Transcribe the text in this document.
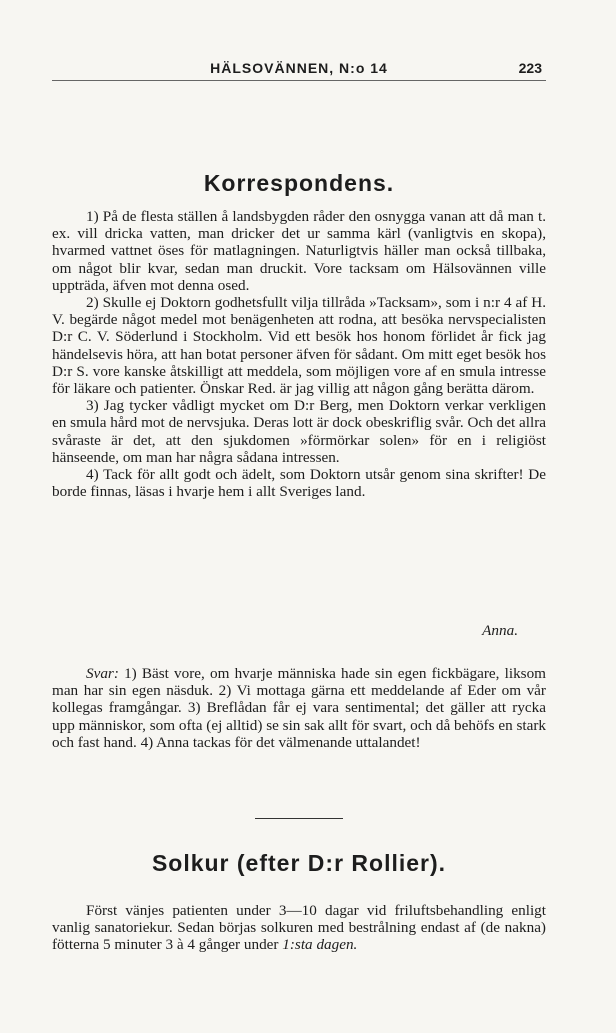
HÄLSOVÄNNEN, N:o 14	223
Korrespondens.

1) På de flesta ställen å landsbygden råder den osnygga vanan att då man t. ex. vill dricka vatten, man dricker det ur samma kärl (vanligtvis en skopa), hvarmed vattnet öses för matlagningen. Naturligtvis häller man också tillbaka, om något blir kvar, sedan man druckit. Vore tacksam om Hälsovännen ville uppträda, äfven mot denna osed.

2) Skulle ej Doktorn godhetsfullt vilja tillråda »Tacksam», som i n:r 4 af H. V. begärde något medel mot benägenheten att rodna, att besöka nervspecialisten D:r C. V. Söderlund i Stockholm. Vid ett besök hos honom förlidet år fick jag händelsevis höra, att han botat personer äfven för sådant. Om mitt eget besök hos D:r S. vore kanske åtskilligt att meddela, som möjligen vore af en smula intresse för läkare och patienter. Önskar Red. är jag villig att någon gång berätta därom.

3) Jag tycker vådligt mycket om D:r Berg, men Doktorn verkar verkligen en smula hård mot de nervsjuka. Deras lott är dock obeskriflig svår. Och det allra svåraste är det, att den sjukdomen »förmörkar solen» för en i religiöst hänseende, om man har några sådana intressen.

4) Tack för allt godt och ädelt, som Doktorn utsår genom sina skrifter! De borde finnas, läsas i hvarje hem i allt Sveriges land.

Anna.

Svar: 1) Bäst vore, om hvarje människa hade sin egen fickbägare, liksom man har sin egen näsduk. 2) Vi mottaga gärna ett meddelande af Eder om vår kollegas framgångar. 3) Breflådan får ej vara sentimental; det gäller att rycka upp människor, som ofta (ej alltid) se sin sak allt för svart, och då behöfs en stark och fast hand. 4) Anna tackas för det välmenande uttalandet!

Solkur (efter D:r Rollier).

Först vänjes patienten under 3—10 dagar vid friluftsbehandling enligt vanlig sanatoriekur. Sedan börjas solkuren med bestrålning endast af (de nakna) fötterna 5 minuter 3 à 4 gånger under 1:sta dagen.
